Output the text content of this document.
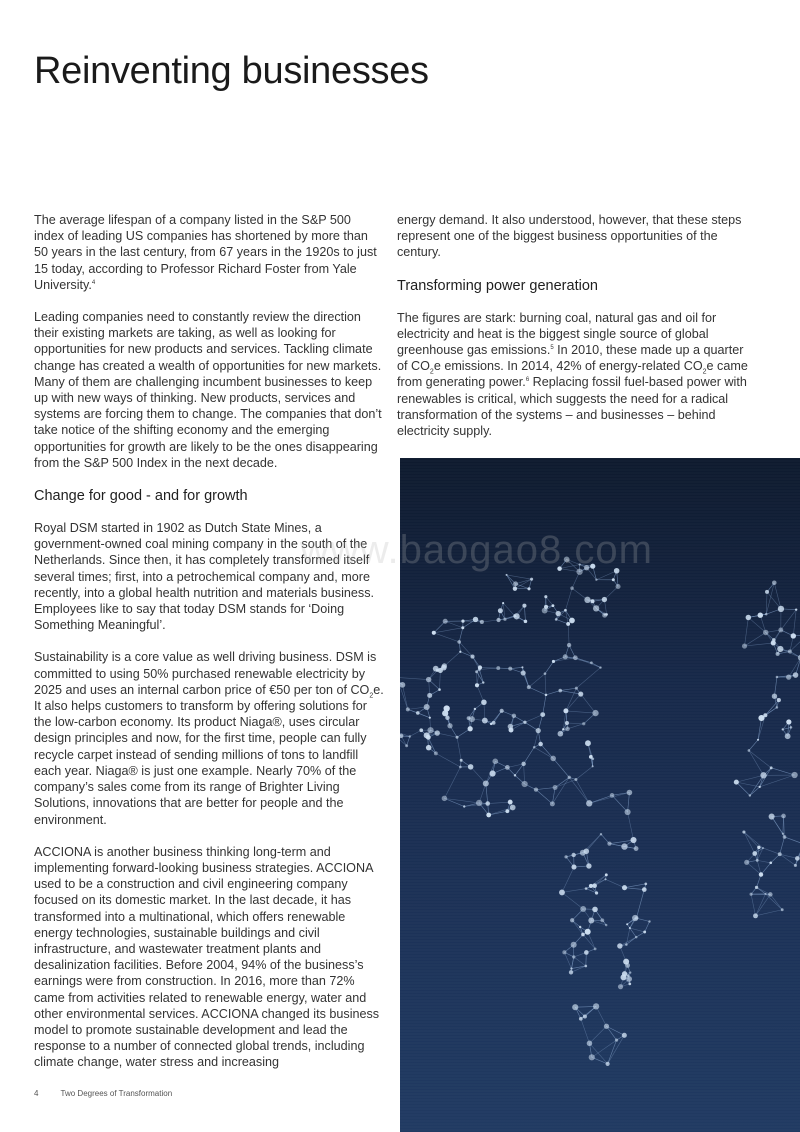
Reinventing businesses

The average lifespan of a company listed in the S&P 500 index of leading US companies has shortened by more than 50 years in the last century, from 67 years in the 1920s to just 15 today, according to Professor Richard Foster from Yale University.$^4$

Leading companies need to constantly review the direction their existing markets are taking, as well as looking for opportunities for new products and services. Tackling climate change has created a wealth of opportunities for new markets. Many of them are challenging incumbent businesses to keep up with new ways of thinking. New products, services and systems are forcing them to change. The companies that don’t take notice of the shifting economy and the emerging opportunities for growth are likely to be the ones disappearing from the S&P 500 Index in the next decade.

Change for good - and for growth

Royal DSM started in 1902 as Dutch State Mines, a government-owned coal mining company in the south of the Netherlands. Since then, it has completely transformed itself several times; first, into a petrochemical company and, more recently, into a global health nutrition and materials business. Employees like to say that today DSM stands for ‘Doing Something Meaningful’.

Sustainability is a core value as well driving business. DSM is committed to using 50% purchased renewable electricity by 2025 and uses an internal carbon price of €50 per ton of $CO_2e$. It also helps customers to transform by offering solutions for the low-carbon economy. Its product Niaga®, uses circular design principles and now, for the first time, people can fully recycle carpet instead of sending millions of tons to landfill each year. Niaga® is just one example. Nearly 70% of the company’s sales come from its range of Brighter Living Solutions, innovations that are better for people and the environment.

ACCIONA is another business thinking long-term and implementing forward-looking business strategies. ACCIONA used to be a construction and civil engineering company focused on its domestic market. In the last decade, it has transformed into a multinational, which offers renewable energy technologies, sustainable buildings and civil infrastructure, and wastewater treatment plants and desalinization facilities. Before 2004, 94% of the business’s earnings were from construction. In 2016, more than 72% came from activities related to renewable energy, water and other environmental services. ACCIONA changed its business model to promote sustainable development and lead the response to a number of connected global trends, including climate change, water stress and increasing

energy demand. It also understood, however, that these steps represent one of the biggest business opportunities of the century.

Transforming power generation

The figures are stark: burning coal, natural gas and oil for electricity and heat is the biggest single source of global greenhouse gas emissions.$^5$ In 2010, these made up a quarter of $CO_2e$ emissions. In 2014, 42% of energy-related $CO_2e$ came from generating power.$^6$ Replacing fossil fuel-based power with renewables is critical, which suggests the need for a radical transformation of the systems – and businesses – behind electricity supply.

www.baogao8.com
4	Two Degrees of Transformation
